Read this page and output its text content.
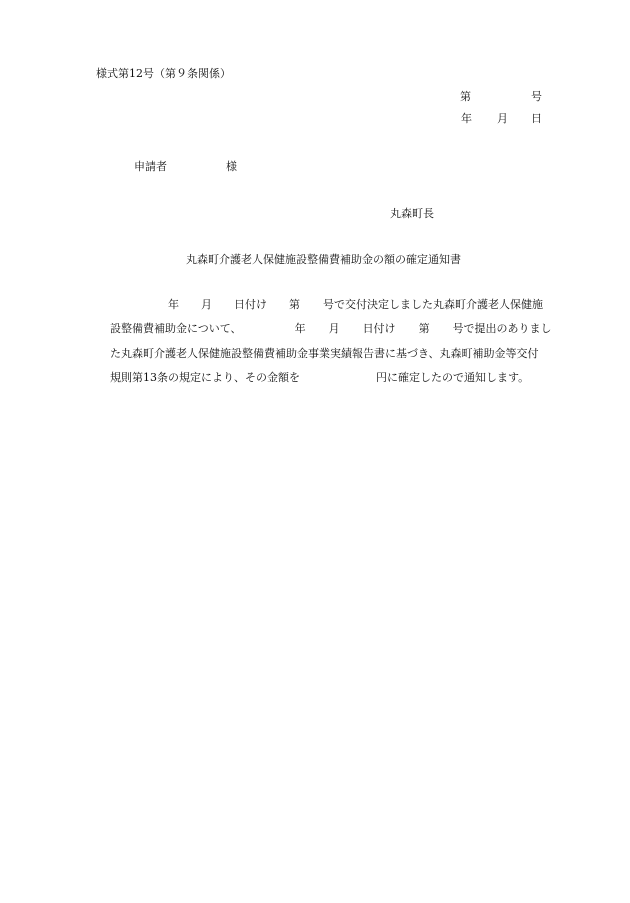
様式第12号（第９条関係）
第	号
年 月 日
申請者	様
丸森町長
丸森町介護老人保健施設整備費補助金の額の確定通知書
年 月 日付け 第 号で交付決定しました丸森町介護老人保健施
設整備費補助金について、	年 月 日付け 第 号で提出のありまし
た丸森町介護老人保健施設整備費補助金事業実績報告書に基づき、丸森町補助金等交付
規則第13条の規定により、その金額を	円に確定したので通知します。
